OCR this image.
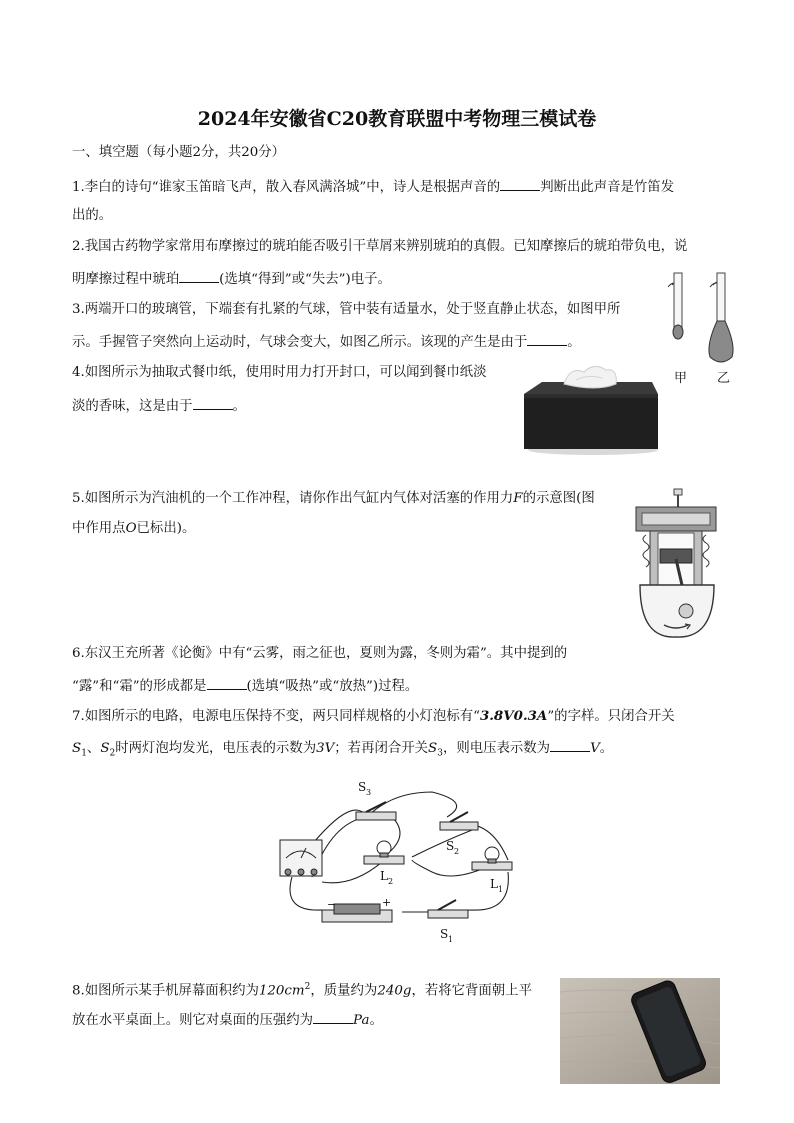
2024年安徽省C20教育联盟中考物理三模试卷
一、填空题（每小题2分，共20分）
1.李白的诗句“谁家玉笛暗飞声，散入春风满洛城”中，诗人是根据声音的	判断出此声音是竹笛发
出的。
2.我国古药物学家常用布摩擦过的琥珀能否吸引干草屑来辨别琥珀的真假。已知摩擦后的琥珀带负电，说
明摩擦过程中琥珀	(选填“得到”或“失去”)电子。
3.两端开口的玻璃管，下端套有扎紧的气球，管中装有适量水，处于竖直静止状态，如图甲所
示。手握管子突然向上运动时，气球会变大，如图乙所示。该现的产生是由于	。
甲 乙
4.如图所示为抽取式餐巾纸，使用时用力打开封口，可以闻到餐巾纸淡
淡的香味，这是由于	。
5.如图所示为汽油机的一个工作冲程，请你作出气缸内气体对活塞的作用力F的示意图(图
中作用点O已标出)。
6.东汉王充所著《论衡》中有“云雾，雨之征也，夏则为露，冬则为霜”。其中提到的
“露”和“霜”的形成都是	(选填“吸热”或“放热”)过程。
7.如图所示的电路，电源电压保持不变，两只同样规格的小灯泡标有“3.8V0.3A”的字样。只闭合开关
$S_1$、$S_2$时两灯泡均发光，电压表的示数为3V；若再闭合开关$S_3$，则电压表示数为	V。
S 3
S 2
L 2	L 1
S 1
−	+
8.如图所示某手机屏幕面积约为$120cm^2$，质量约为240g，若将它背面朝上平
放在水平桌面上。则它对桌面的压强约为	Pa。
